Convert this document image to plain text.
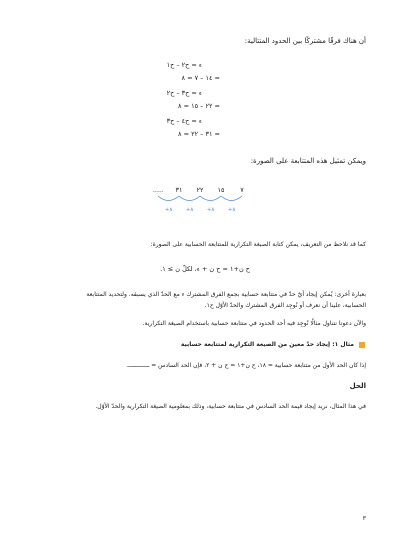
أن هناك فرقًا مشتركًا بين الحدود المتتالية:
ء = ح٢ – ح١
= ١٤ – ٧ = ٨
ء = ح٣ – ح٢
= ٢٢ – ١٥ = ٨
ء = ح٤ – ح٣
= ٣١ – ٢٢ = ٨
ويمكن تمثيل هذه المتتابعة على الصورة:
٧
١٥
٢٢
٣١
.....
+٨
+٨
+٨
+٨
كما قد نلاحظ من التعريف، يمكن كتابة الصيغة التكرارية للمتتابعة الحسابية على الصورة:
ح ن+١ = ح ن + ء، لكلّ ن ≥ ١.
بعبارة أخرى: يُمكن إيجاد أيّ حدّ في متتابعة حسابية بجمع الفرق المشترك ء مع الحدّ الذي يسبقه. ولتحديد المتتابعة
الحسابية، علينا أن نعرف أو نُوجِد الفرق المشترك والحدّ الأوّل ح١.
والآن دعونا نتناول مثالًا نُوجِد فيه أحد الحدود في متتابعة حسابية باستخدام الصيغة التكرارية.
مثال ١: إيجاد حدّ معين من الصيغة التكرارية لمتتابعة حسابية
إذا كان الحد الأول من متتابعة حسابية = ١٨، ح ن+١ = ح ن + ٢، فإن الحد السادس = ــــــــــــ.
الحل
في هذا المثال، نريد إيجاد قيمة الحد السادس في متتابعة حسابية، وذلك بمعلومية الصيغة التكرارية والحدّ الأوّل.
٣
